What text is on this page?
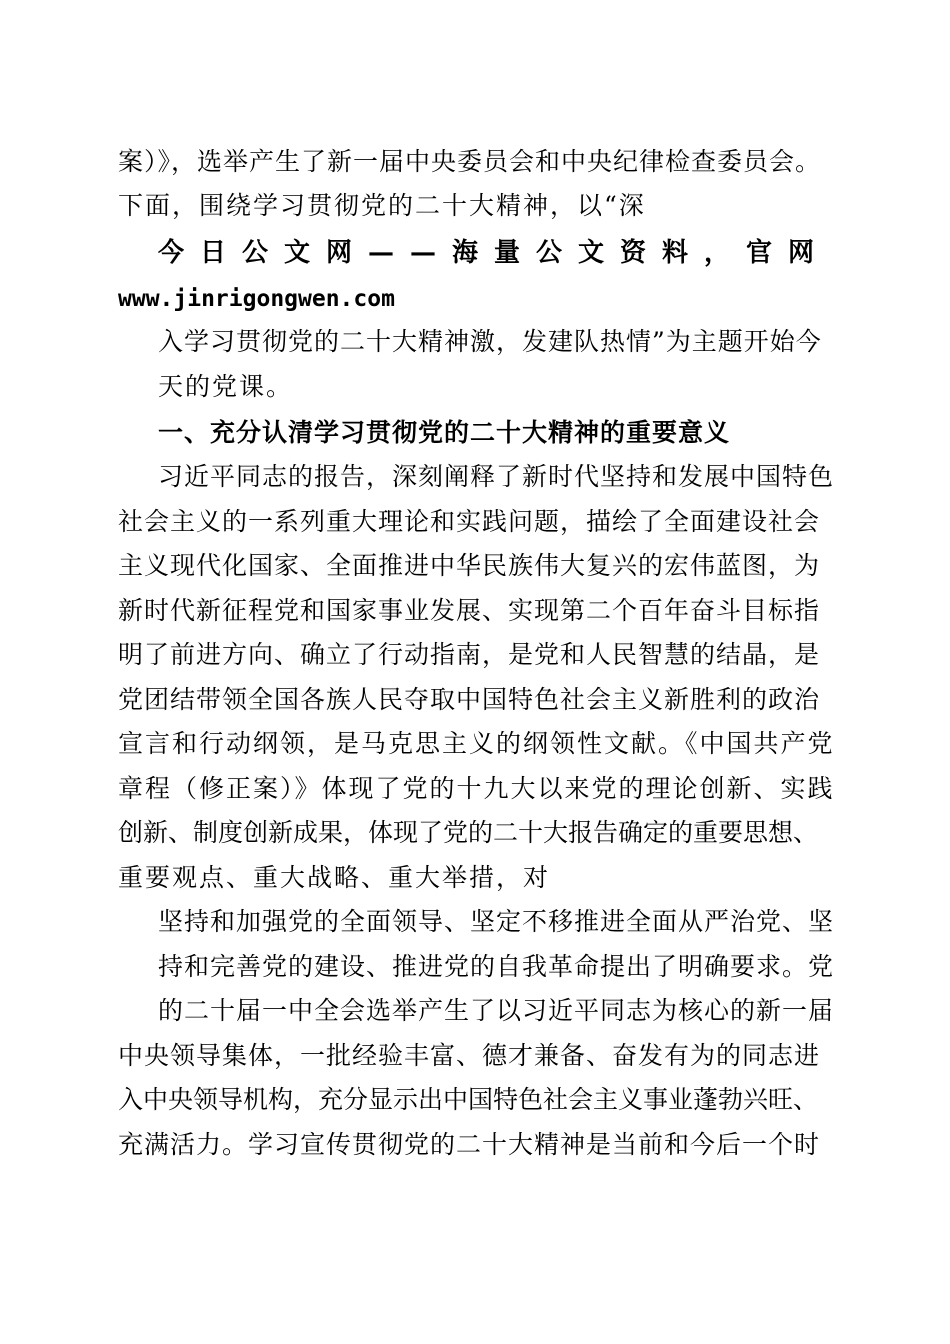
案）》，选举产生了新一届中央委员会和中央纪律检查委员会。
下面，围绕学习贯彻党的二十大精神，以“深
今日公文网——海量公文资料，官网
www.jinrigongwen.com
入学习贯彻党的二十大精神激，发建队热情”为主题开始今
天的党课。
一、充分认清学习贯彻党的二十大精神的重要意义
习近平同志的报告，深刻阐释了新时代坚持和发展中国特色
社会主义的一系列重大理论和实践问题，描绘了全面建设社会
主义现代化国家、全面推进中华民族伟大复兴的宏伟蓝图，为
新时代新征程党和国家事业发展、实现第二个百年奋斗目标指
明了前进方向、确立了行动指南，是党和人民智慧的结晶，是
党团结带领全国各族人民夺取中国特色社会主义新胜利的政治
宣言和行动纲领，是马克思主义的纲领性文献。《中国共产党
章程（修正案）》体现了党的十九大以来党的理论创新、实践
创新、制度创新成果，体现了党的二十大报告确定的重要思想、
重要观点、重大战略、重大举措，对
坚持和加强党的全面领导、坚定不移推进全面从严治党、坚
持和完善党的建设、推进党的自我革命提出了明确要求。党
的二十届一中全会选举产生了以习近平同志为核心的新一届
中央领导集体，一批经验丰富、德才兼备、奋发有为的同志进
入中央领导机构，充分显示出中国特色社会主义事业蓬勃兴旺、
充满活力。学习宣传贯彻党的二十大精神是当前和今后一个时
